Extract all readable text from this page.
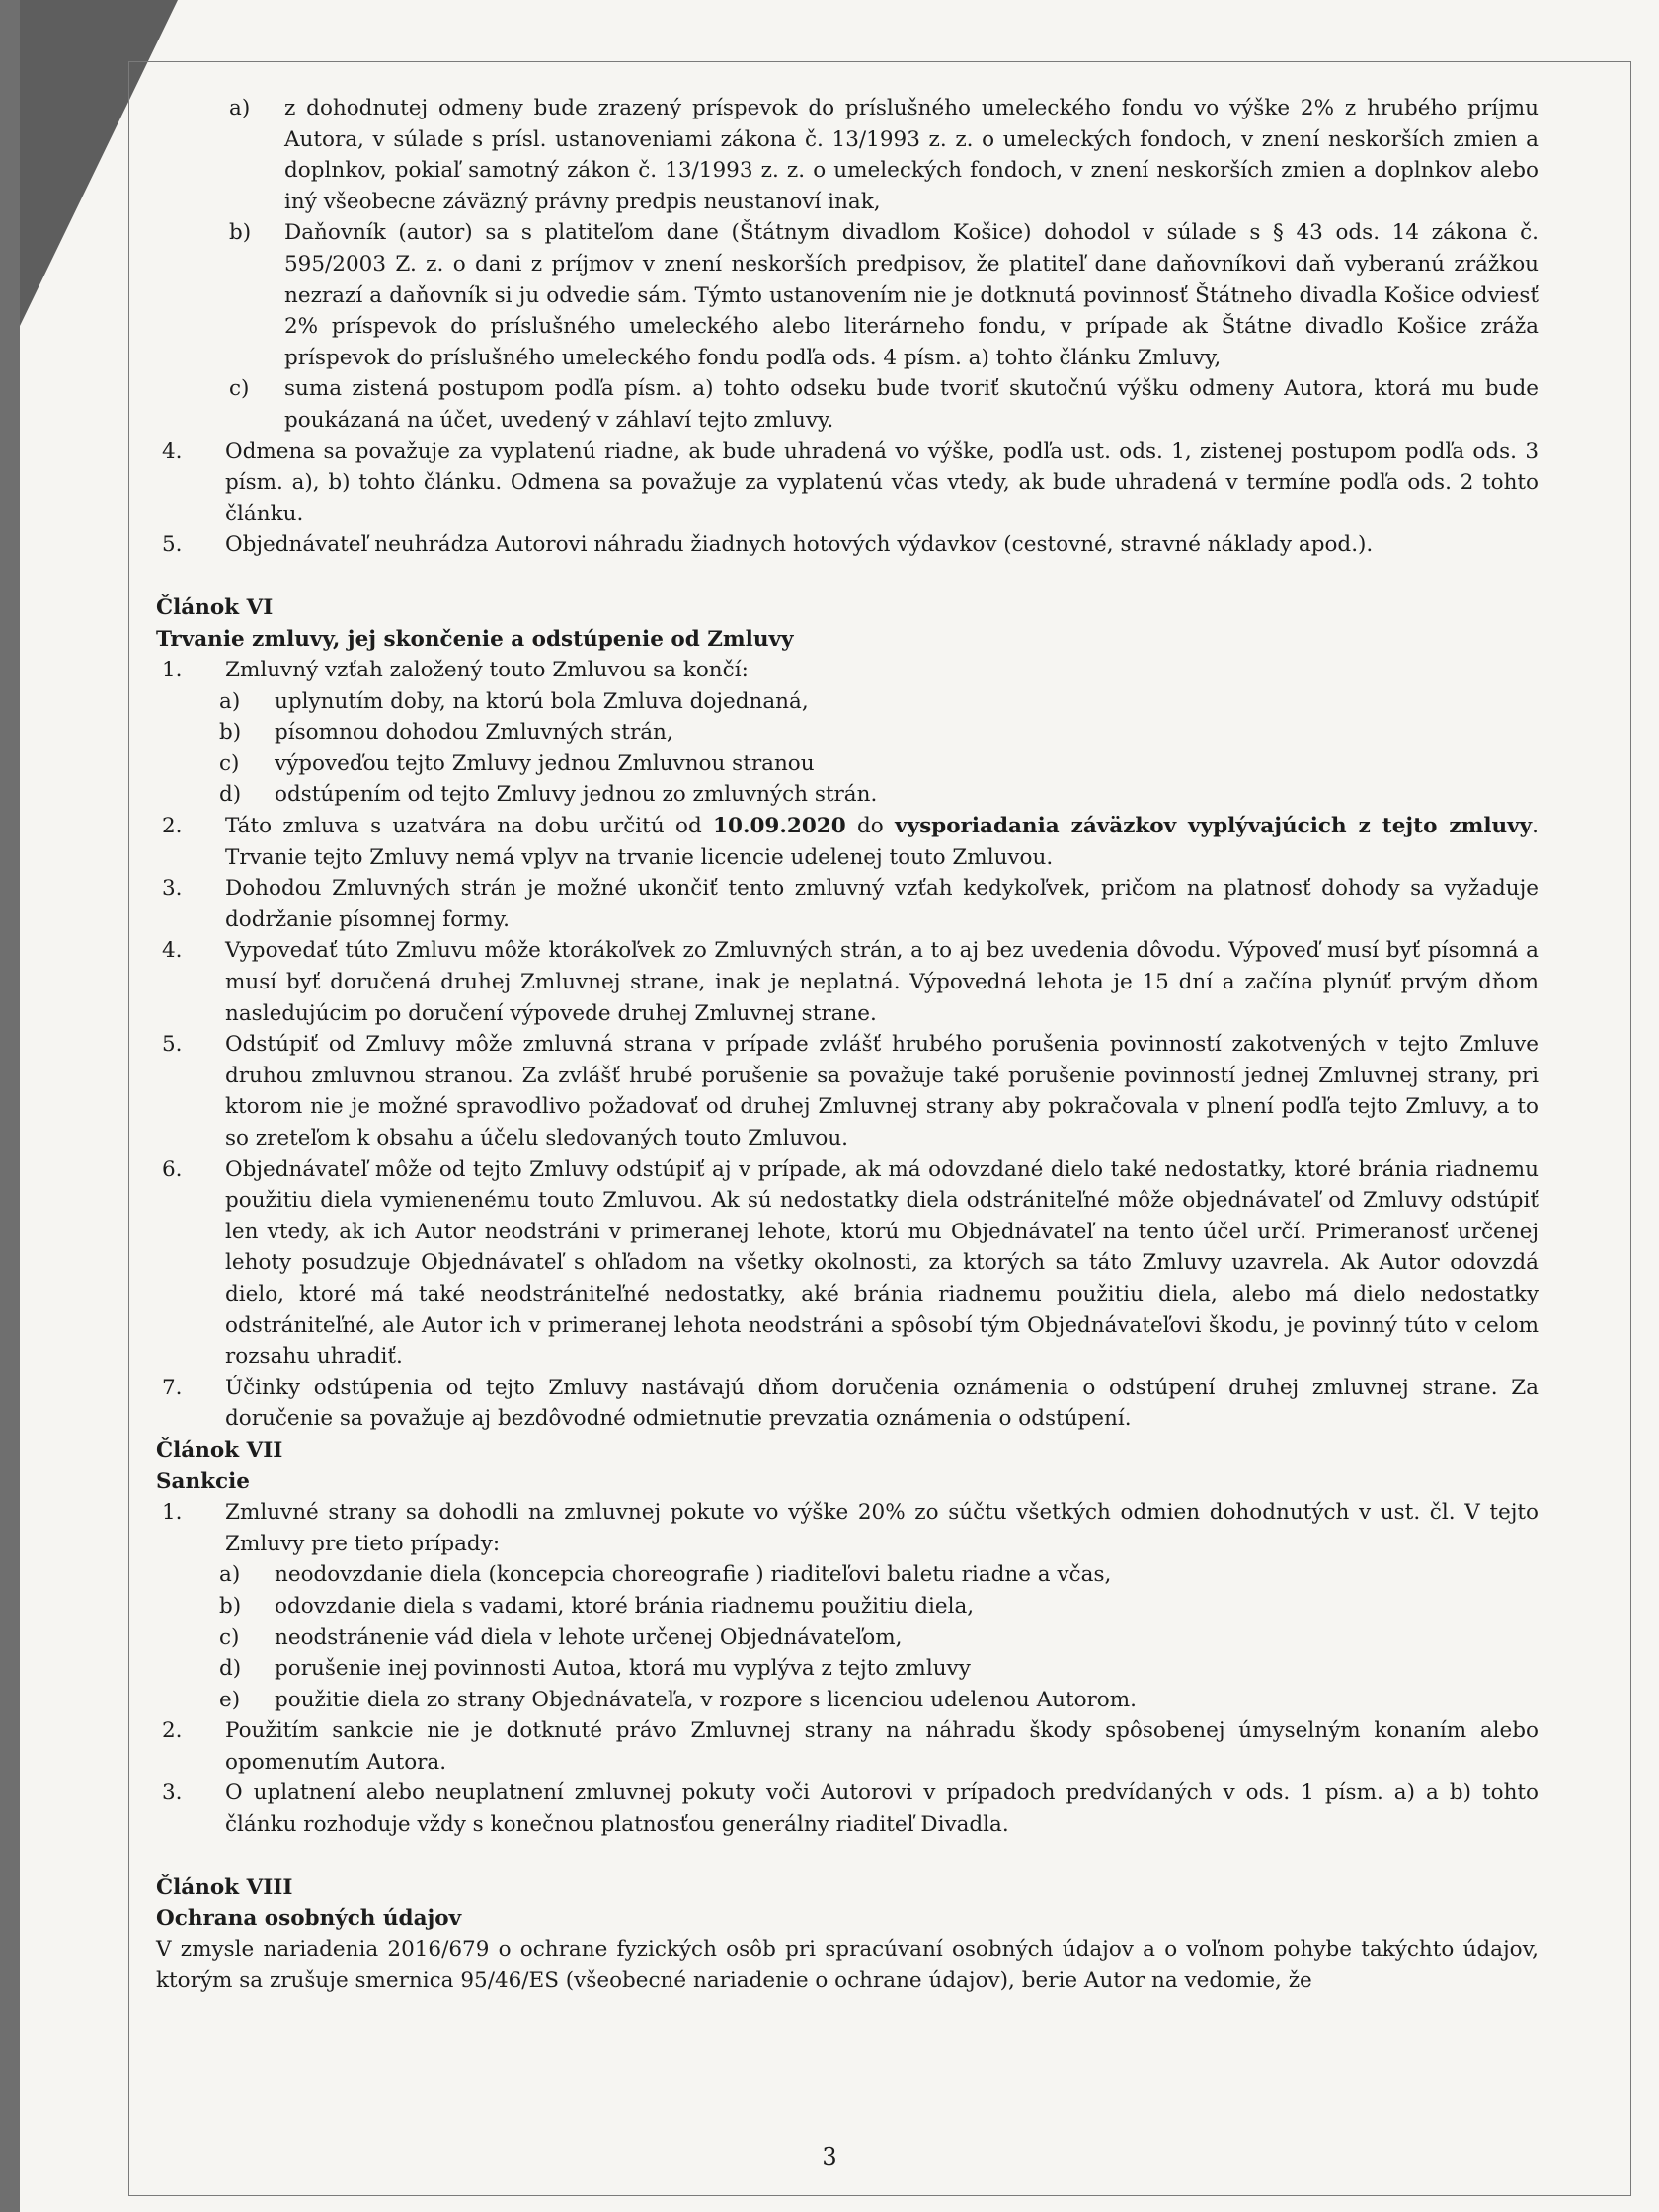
a)	z dohodnutej odmeny bude zrazený príspevok do príslušného umeleckého fondu vo výške 2% z hrubého príjmu Autora, v súlade s prísl. ustanoveniami zákona č. 13/1993 z. z. o umeleckých fondoch, v znení neskorších zmien a doplnkov, pokiaľ samotný zákon č. 13/1993 z. z. o umeleckých fondoch, v znení neskorších zmien a doplnkov alebo iný všeobecne záväzný právny predpis neustanoví inak,
b)	Daňovník (autor) sa s platiteľom dane (Štátnym divadlom Košice) dohodol v súlade s § 43 ods. 14 zákona č. 595/2003 Z. z. o dani z príjmov v znení neskorších predpisov, že platiteľ dane daňovníkovi daň vyberanú zrážkou nezrazí a daňovník si ju odvedie sám. Týmto ustanovením nie je dotknutá povinnosť Štátneho divadla Košice odviesť 2% príspevok do príslušného umeleckého alebo literárneho fondu, v prípade ak Štátne divadlo Košice zráža príspevok do príslušného umeleckého fondu podľa ods. 4 písm. a) tohto článku Zmluvy,
c)	suma zistená postupom podľa písm. a) tohto odseku bude tvoriť skutočnú výšku odmeny Autora, ktorá mu bude poukázaná na účet, uvedený v záhlaví tejto zmluvy.
4.	Odmena sa považuje za vyplatenú riadne, ak bude uhradená vo výške, podľa ust. ods. 1, zistenej postupom podľa ods. 3 písm. a), b) tohto článku. Odmena sa považuje za vyplatenú včas vtedy, ak bude uhradená v termíne podľa ods. 2 tohto článku.
5.	Objednávateľ neuhrádza Autorovi náhradu žiadnych hotových výdavkov (cestovné, stravné náklady apod.).
Článok VI
Trvanie zmluvy, jej skončenie a odstúpenie od Zmluvy
1.	Zmluvný vzťah založený touto Zmluvou sa končí:
a)	uplynutím doby, na ktorú bola Zmluva dojednaná,
b)	písomnou dohodou Zmluvných strán,
c)	výpoveďou tejto Zmluvy jednou Zmluvnou stranou
d)	odstúpením od tejto Zmluvy jednou zo zmluvných strán.
2.	Táto zmluva s uzatvára na dobu určitú od 10.09.2020 do vysporiadania záväzkov vyplývajúcich z tejto zmluvy. Trvanie tejto Zmluvy nemá vplyv na trvanie licencie udelenej touto Zmluvou.
3.	Dohodou Zmluvných strán je možné ukončiť tento zmluvný vzťah kedykoľvek, pričom na platnosť dohody sa vyžaduje dodržanie písomnej formy.
4.	Vypovedať túto Zmluvu môže ktorákoľvek zo Zmluvných strán, a to aj bez uvedenia dôvodu. Výpoveď musí byť písomná a musí byť doručená druhej Zmluvnej strane, inak je neplatná. Výpovedná lehota je 15 dní a začína plynúť prvým dňom nasledujúcim po doručení výpovede druhej Zmluvnej strane.
5.	Odstúpiť od Zmluvy môže zmluvná strana v prípade zvlášť hrubého porušenia povinností zakotvených v tejto Zmluve druhou zmluvnou stranou. Za zvlášť hrubé porušenie sa považuje také porušenie povinností jednej Zmluvnej strany, pri ktorom nie je možné spravodlivo požadovať od druhej Zmluvnej strany aby pokračovala v plnení podľa tejto Zmluvy, a to so zreteľom k obsahu a účelu sledovaných touto Zmluvou.
6.	Objednávateľ môže od tejto Zmluvy odstúpiť aj v prípade, ak má odovzdané dielo také nedostatky, ktoré bránia riadnemu použitiu diela vymienenému touto Zmluvou. Ak sú nedostatky diela odstrániteľné môže objednávateľ od Zmluvy odstúpiť len vtedy, ak ich Autor neodstráni v primeranej lehote, ktorú mu Objednávateľ na tento účel určí. Primeranosť určenej lehoty posudzuje Objednávateľ s ohľadom na všetky okolnosti, za ktorých sa táto Zmluvy uzavrela. Ak Autor odovzdá dielo, ktoré má také neodstrániteľné nedostatky, aké bránia riadnemu použitiu diela, alebo má dielo nedostatky odstrániteľné, ale Autor ich v primeranej lehota neodstráni a spôsobí tým Objednávateľovi škodu, je povinný túto v celom rozsahu uhradiť.
7.	Účinky odstúpenia od tejto Zmluvy nastávajú dňom doručenia oznámenia o odstúpení druhej zmluvnej strane. Za doručenie sa považuje aj bezdôvodné odmietnutie prevzatia oznámenia o odstúpení.
Článok VII
Sankcie
1.	Zmluvné strany sa dohodli na zmluvnej pokute vo výške 20% zo súčtu všetkých odmien dohodnutých v ust. čl. V tejto Zmluvy pre tieto prípady:
a)	neodovzdanie diela (koncepcia choreografie ) riaditeľovi baletu riadne a včas,
b)	odovzdanie diela s vadami, ktoré bránia riadnemu použitiu diela,
c)	neodstránenie vád diela v lehote určenej Objednávateľom,
d)	porušenie inej povinnosti Autoa, ktorá mu vyplýva z tejto zmluvy
e)	použitie diela zo strany Objednávateľa, v rozpore s licenciou udelenou Autorom.
2.	Použitím sankcie nie je dotknuté právo Zmluvnej strany na náhradu škody spôsobenej úmyselným konaním alebo opomenutím Autora.
3.	O uplatnení alebo neuplatnení zmluvnej pokuty voči Autorovi v prípadoch predvídaných v ods. 1 písm. a) a b) tohto článku rozhoduje vždy s konečnou platnosťou generálny riaditeľ Divadla.
Článok VIII
Ochrana osobných údajov
V zmysle nariadenia 2016/679 o ochrane fyzických osôb pri spracúvaní osobných údajov a o voľnom pohybe takýchto údajov, ktorým sa zrušuje smernica 95/46/ES (všeobecné nariadenie o ochrane údajov), berie Autor na vedomie, že
3
